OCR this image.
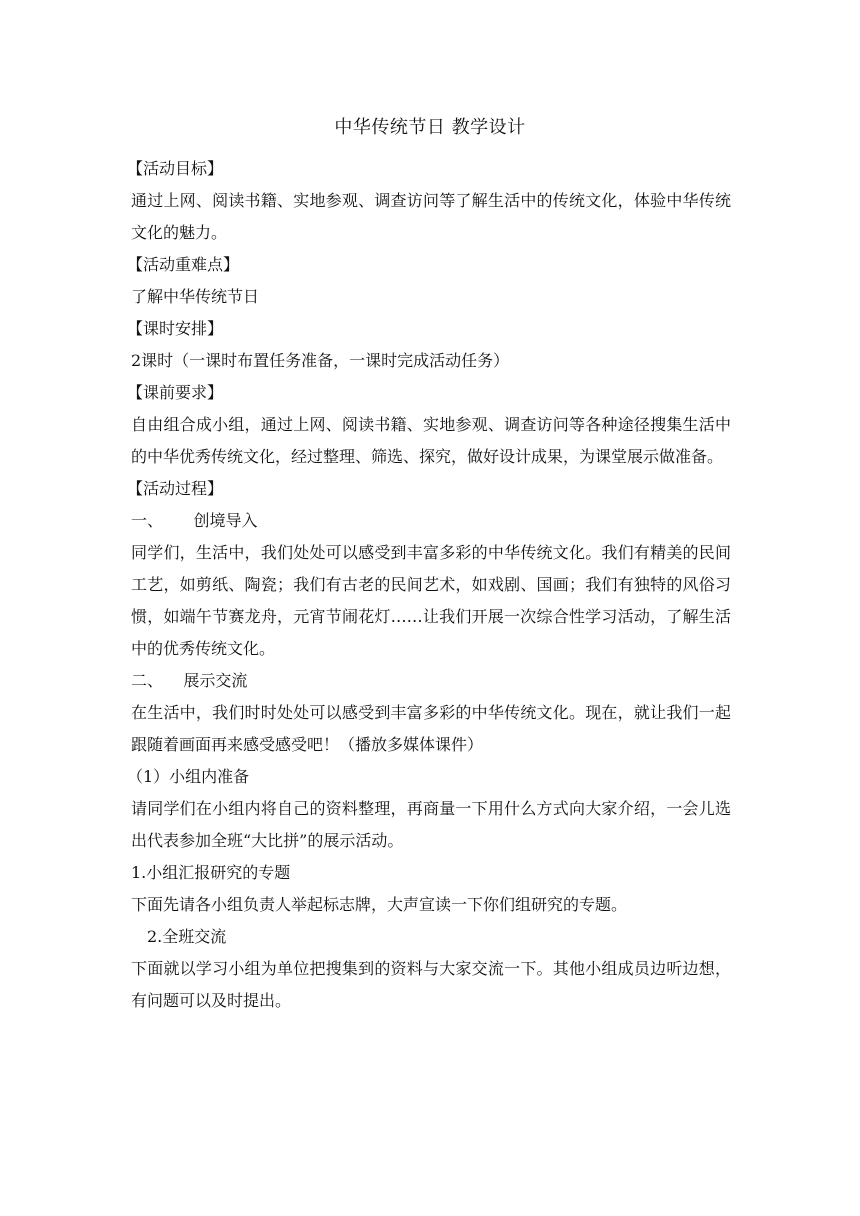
中华传统节日 教学设计

【活动目标】

通过上网、阅读书籍、实地参观、调查访问等了解生活中的传统文化，体验中华传统文化的魅力。

【活动重难点】

了解中华传统节日

【课时安排】

2课时（一课时布置任务准备，一课时完成活动任务）

【课前要求】

自由组合成小组，通过上网、阅读书籍、实地参观、调查访问等各种途径搜集生活中的中华优秀传统文化，经过整理、筛选、探究，做好设计成果，为课堂展示做准备。

【活动过程】

一、      创境导入

同学们，生活中，我们处处可以感受到丰富多彩的中华传统文化。我们有精美的民间工艺，如剪纸、陶瓷；我们有古老的民间艺术，如戏剧、国画；我们有独特的风俗习惯，如端午节赛龙舟，元宵节闹花灯……让我们开展一次综合性学习活动，了解生活中的优秀传统文化。

二、    展示交流

在生活中，我们时时处处可以感受到丰富多彩的中华传统文化。现在，就让我们一起跟随着画面再来感受感受吧！（播放多媒体课件）

（1）小组内准备

请同学们在小组内将自己的资料整理，再商量一下用什么方式向大家介绍，一会儿选出代表参加全班“大比拼”的展示活动。

1.小组汇报研究的专题

下面先请各小组负责人举起标志牌，大声宣读一下你们组研究的专题。

2.全班交流

下面就以学习小组为单位把搜集到的资料与大家交流一下。其他小组成员边听边想，有问题可以及时提出。
